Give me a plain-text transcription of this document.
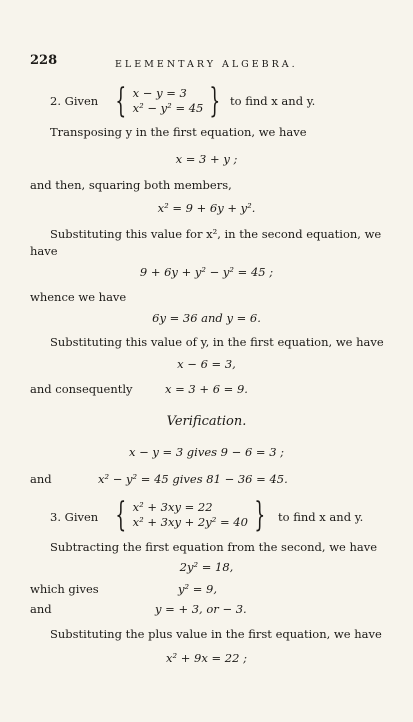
228	ELEMENTARY ALGEBRA.
2. Given { x − y = 3
x² − y² = 45 } to find x and y.
Transposing y in the first equation, we have
x = 3 + y ;
and then, squaring both members,
x² = 9 + 6y + y².
Substituting this value for x², in the second equation, we
have
9 + 6y + y² − y² = 45 ;
whence we have
6y = 36 and y = 6.
Substituting this value of y, in the first equation, we have
x − 6 = 3,
and consequently	x = 3 + 6 = 9.
Verification.
x − y = 3 gives 9 − 6 = 3 ;
and	x² − y² = 45 gives 81 − 36 = 45.
3. Given { x² + 3xy = 22
x² + 3xy + 2y² = 40 } to find x and y.
Subtracting the first equation from the second, we have
2y² = 18,
which gives	y² = 9,
and	y = + 3, or − 3.
Substituting the plus value in the first equation, we have
x² + 9x = 22 ;
